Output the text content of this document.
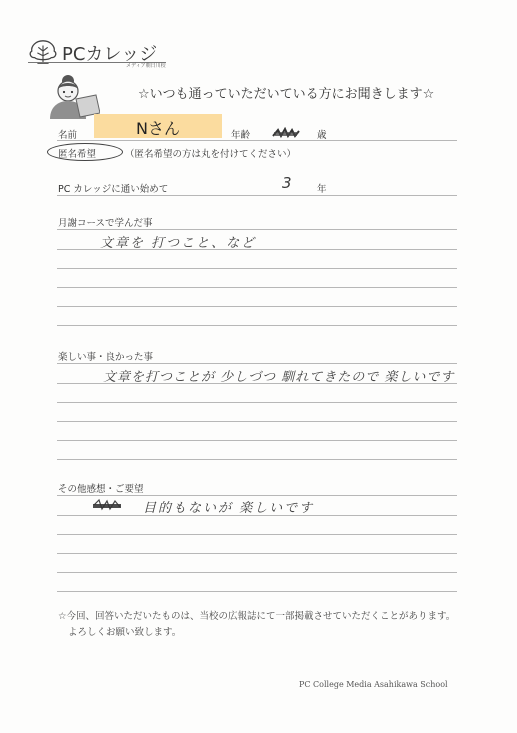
PCカレッジ
メディア朝日川校
☆いつも通っていただいている方にお聞きします☆
名前	Nさん	年齢	歳
匿名希望	（匿名希望の方は丸を付けてください）
PC カレッジに通い始めて	3	年
月謝コースで学んだ事
文章を 打つこと、など
楽しい事・良かった事
文章を打つことが 少しづつ 馴れてきたので 楽しいです
その他感想・ご要望
目的もないが 楽しいです
☆今回、回答いただいたものは、当校の広報誌にて一部掲載させていただくことがあります。
よろしくお願い致します。
PC College Media Asahikawa School
